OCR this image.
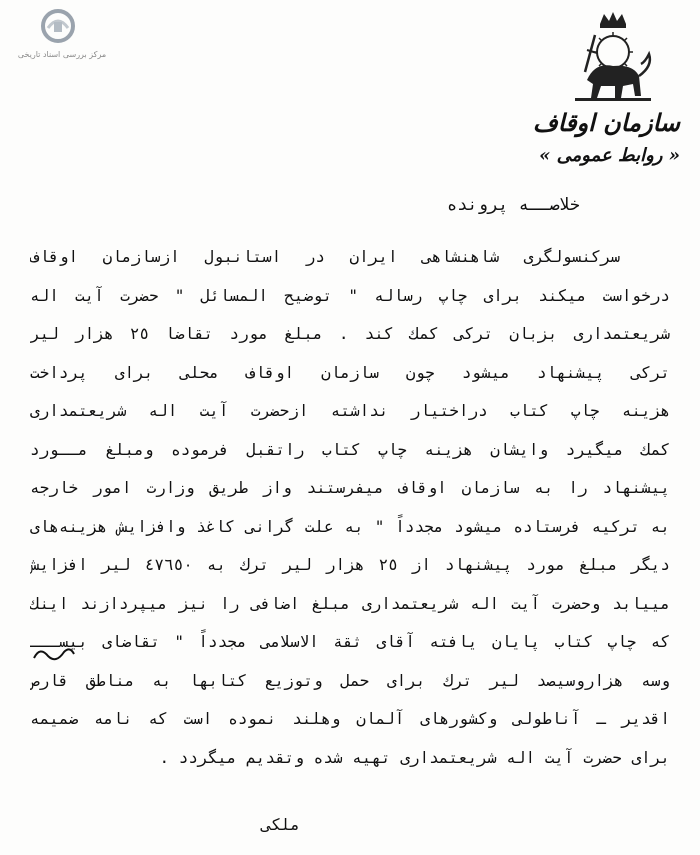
مرکز بررسی اسناد تاریخی
سازمان اوقاف
« روابط عمومی »
خلاصــه پرونده
سرکنسولگری شاهنشاهی ایران در استانبول ازسازمان اوقاف
درخواست میکند برای چاپ رساله " توضیح المسائل " حضرت آیت اله
شریعتمداری بزبان ترکی کمك کند . مبلغ مورد تقاضا ٢٥ هزار لیر
ترکی پیشنهاد میشود چون سازمان اوقاف محلی برای پرداخت
هزینه چاپ کتاب دراختیار نداشته ازحضرت آیت اله شریعتمداری
کمك میگیرد وایشان هزینه چاپ کتاب راتقبل فرموده ومبلغ مــورد
پیشنهاد را به سازمان اوقاف میفرستند واز طریق وزارت امور خارجه
به ترکیه فرستاده میشود مجدداً " به علت گرانی کاغذ وافزایش هزینه‌های
دیگر مبلغ مورد پیشنهاد از ٢٥ هزار لیر ترك به ٤٧٦٥٠ لیر افزایش
مییابد وحضرت آیت اله شریعتمداری مبلغ اضافی را نیز میپردازند اینك
که چاپ کتاب پایان یافته آقای ثقة الاسلامی مجدداً " تقاضای بیســـ
وسه هزاروسیصد لیر ترك برای حمل وتوزیع کتابها به مناطق قارص
اقدیر ـ آناطولی وکشورهای آلمان وهلند نموده است که نامه ضمیمه
برای حضرت آیت اله شریعتمداری تهیه شده وتقدیم میگردد .
ملکی
